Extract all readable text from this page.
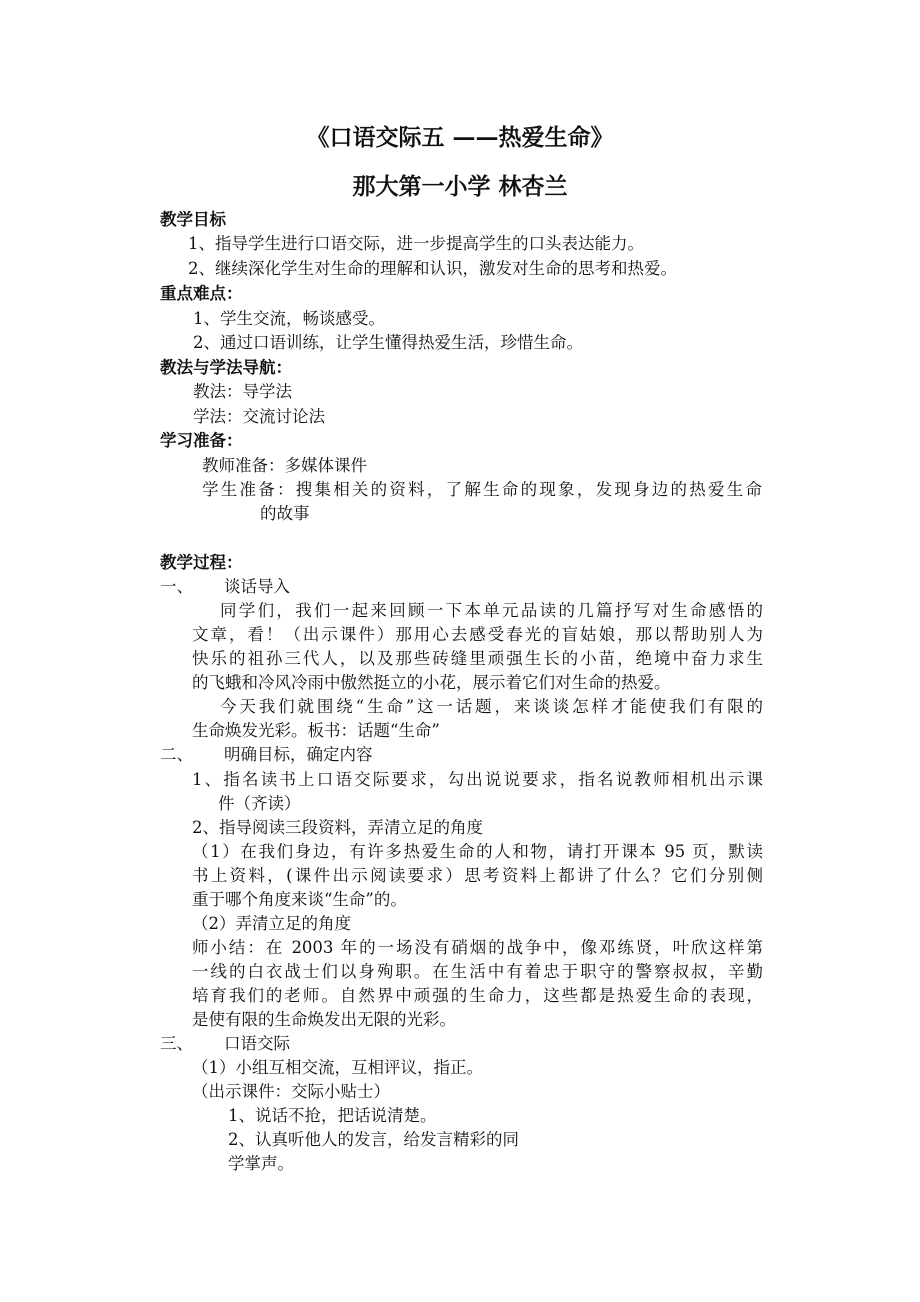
《口语交际五 ——热爱生命》
那大第一小学 林杏兰
教学目标
1、指导学生进行口语交际，进一步提高学生的口头表达能力。
2、继续深化学生对生命的理解和认识，激发对生命的思考和热爱。
重点难点：
1、学生交流，畅谈感受。
2、通过口语训练，让学生懂得热爱生活，珍惜生命。
教法与学法导航：
教法：导学法
学法：交流讨论法
学习准备：
教师准备：多媒体课件
学生准备：搜集相关的资料，了解生命的现象，发现身边的热爱生命
的故事
教学过程：
一、 谈话导入
同学们，我们一起来回顾一下本单元品读的几篇抒写对生命感悟的
文章，看！（出示课件）那用心去感受春光的盲姑娘，那以帮助别人为
快乐的祖孙三代人，以及那些砖缝里顽强生长的小苗，绝境中奋力求生
的飞蛾和冷风冷雨中傲然挺立的小花，展示着它们对生命的热爱。
今天我们就围绕“生命”这一话题，来谈谈怎样才能使我们有限的
生命焕发光彩。板书：话题“生命”
二、 明确目标，确定内容
1、指名读书上口语交际要求，勾出说说要求，指名说教师相机出示课
件（齐读）
2、指导阅读三段资料，弄清立足的角度
（1）在我们身边，有许多热爱生命的人和物，请打开课本 95 页，默读
书上资料，(课件出示阅读要求）思考资料上都讲了什么？它们分别侧
重于哪个角度来谈“生命”的。
（2）弄清立足的角度
师小结：在 2003 年的一场没有硝烟的战争中，像邓练贤，叶欣这样第
一线的白衣战士们以身殉职。在生活中有着忠于职守的警察叔叔，辛勤
培育我们的老师。自然界中顽强的生命力，这些都是热爱生命的表现，
是使有限的生命焕发出无限的光彩。
三、 口语交际
（1）小组互相交流，互相评议，指正。
（出示课件：交际小贴士）
1、说话不抢，把话说清楚。
2、认真听他人的发言，给发言精彩的同
学掌声。
